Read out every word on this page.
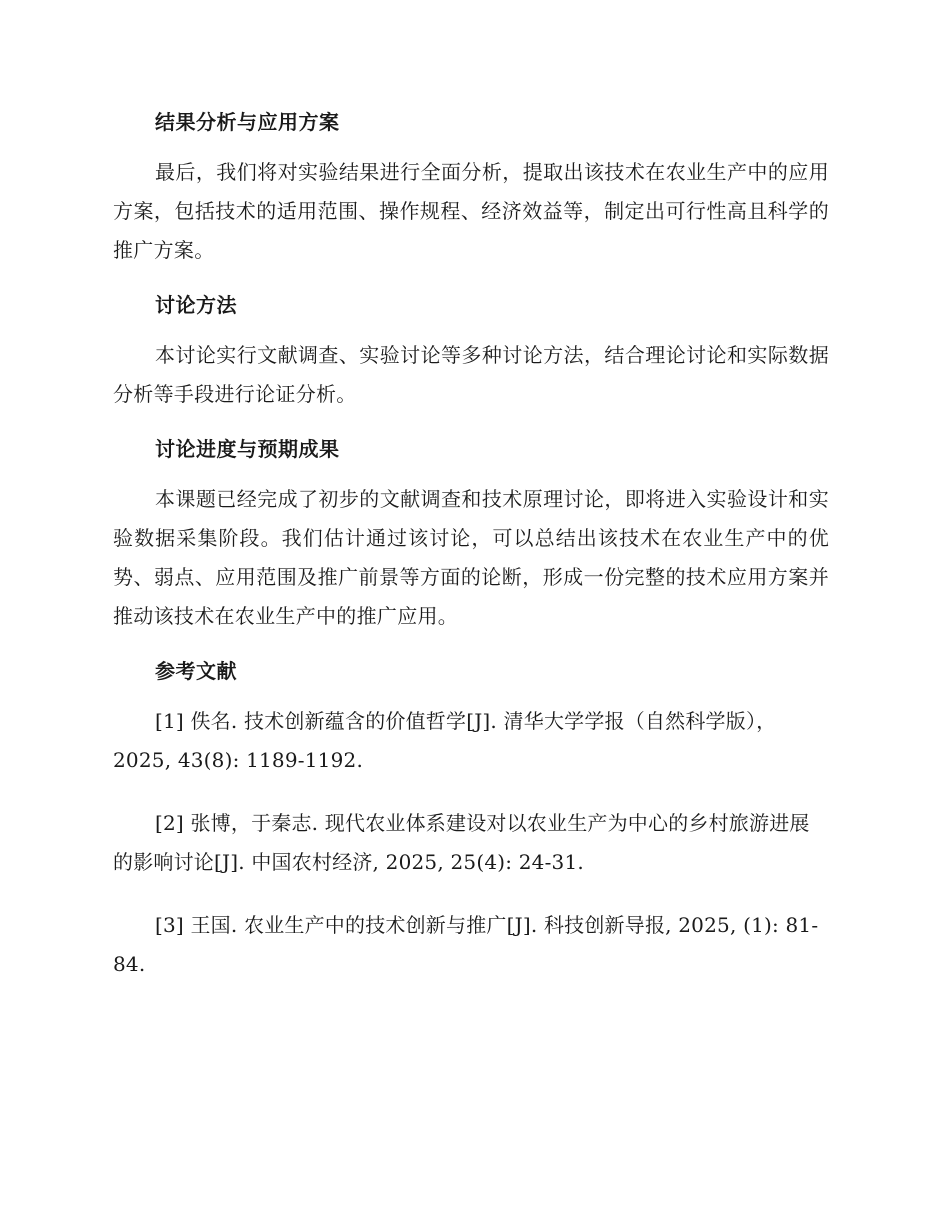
结果分析与应用方案

最后，我们将对实验结果进行全面分析，提取出该技术在农业生产中的应用方案，包括技术的适用范围、操作规程、经济效益等，制定出可行性高且科学的推广方案。

讨论方法

本讨论实行文献调查、实验讨论等多种讨论方法，结合理论讨论和实际数据分析等手段进行论证分析。

讨论进度与预期成果

本课题已经完成了初步的文献调查和技术原理讨论，即将进入实验设计和实验数据采集阶段。我们估计通过该讨论，可以总结出该技术在农业生产中的优势、弱点、应用范围及推广前景等方面的论断，形成一份完整的技术应用方案并推动该技术在农业生产中的推广应用。

参考文献

[1] 佚名. 技术创新蕴含的价值哲学[J]. 清华大学学报（自然科学版），2025, 43(8): 1189-1192.

[2] 张博，于秦志. 现代农业体系建设对以农业生产为中心的乡村旅游进展的影响讨论[J]. 中国农村经济, 2025, 25(4): 24-31.

[3] 王国. 农业生产中的技术创新与推广[J]. 科技创新导报, 2025, (1): 81-84.
